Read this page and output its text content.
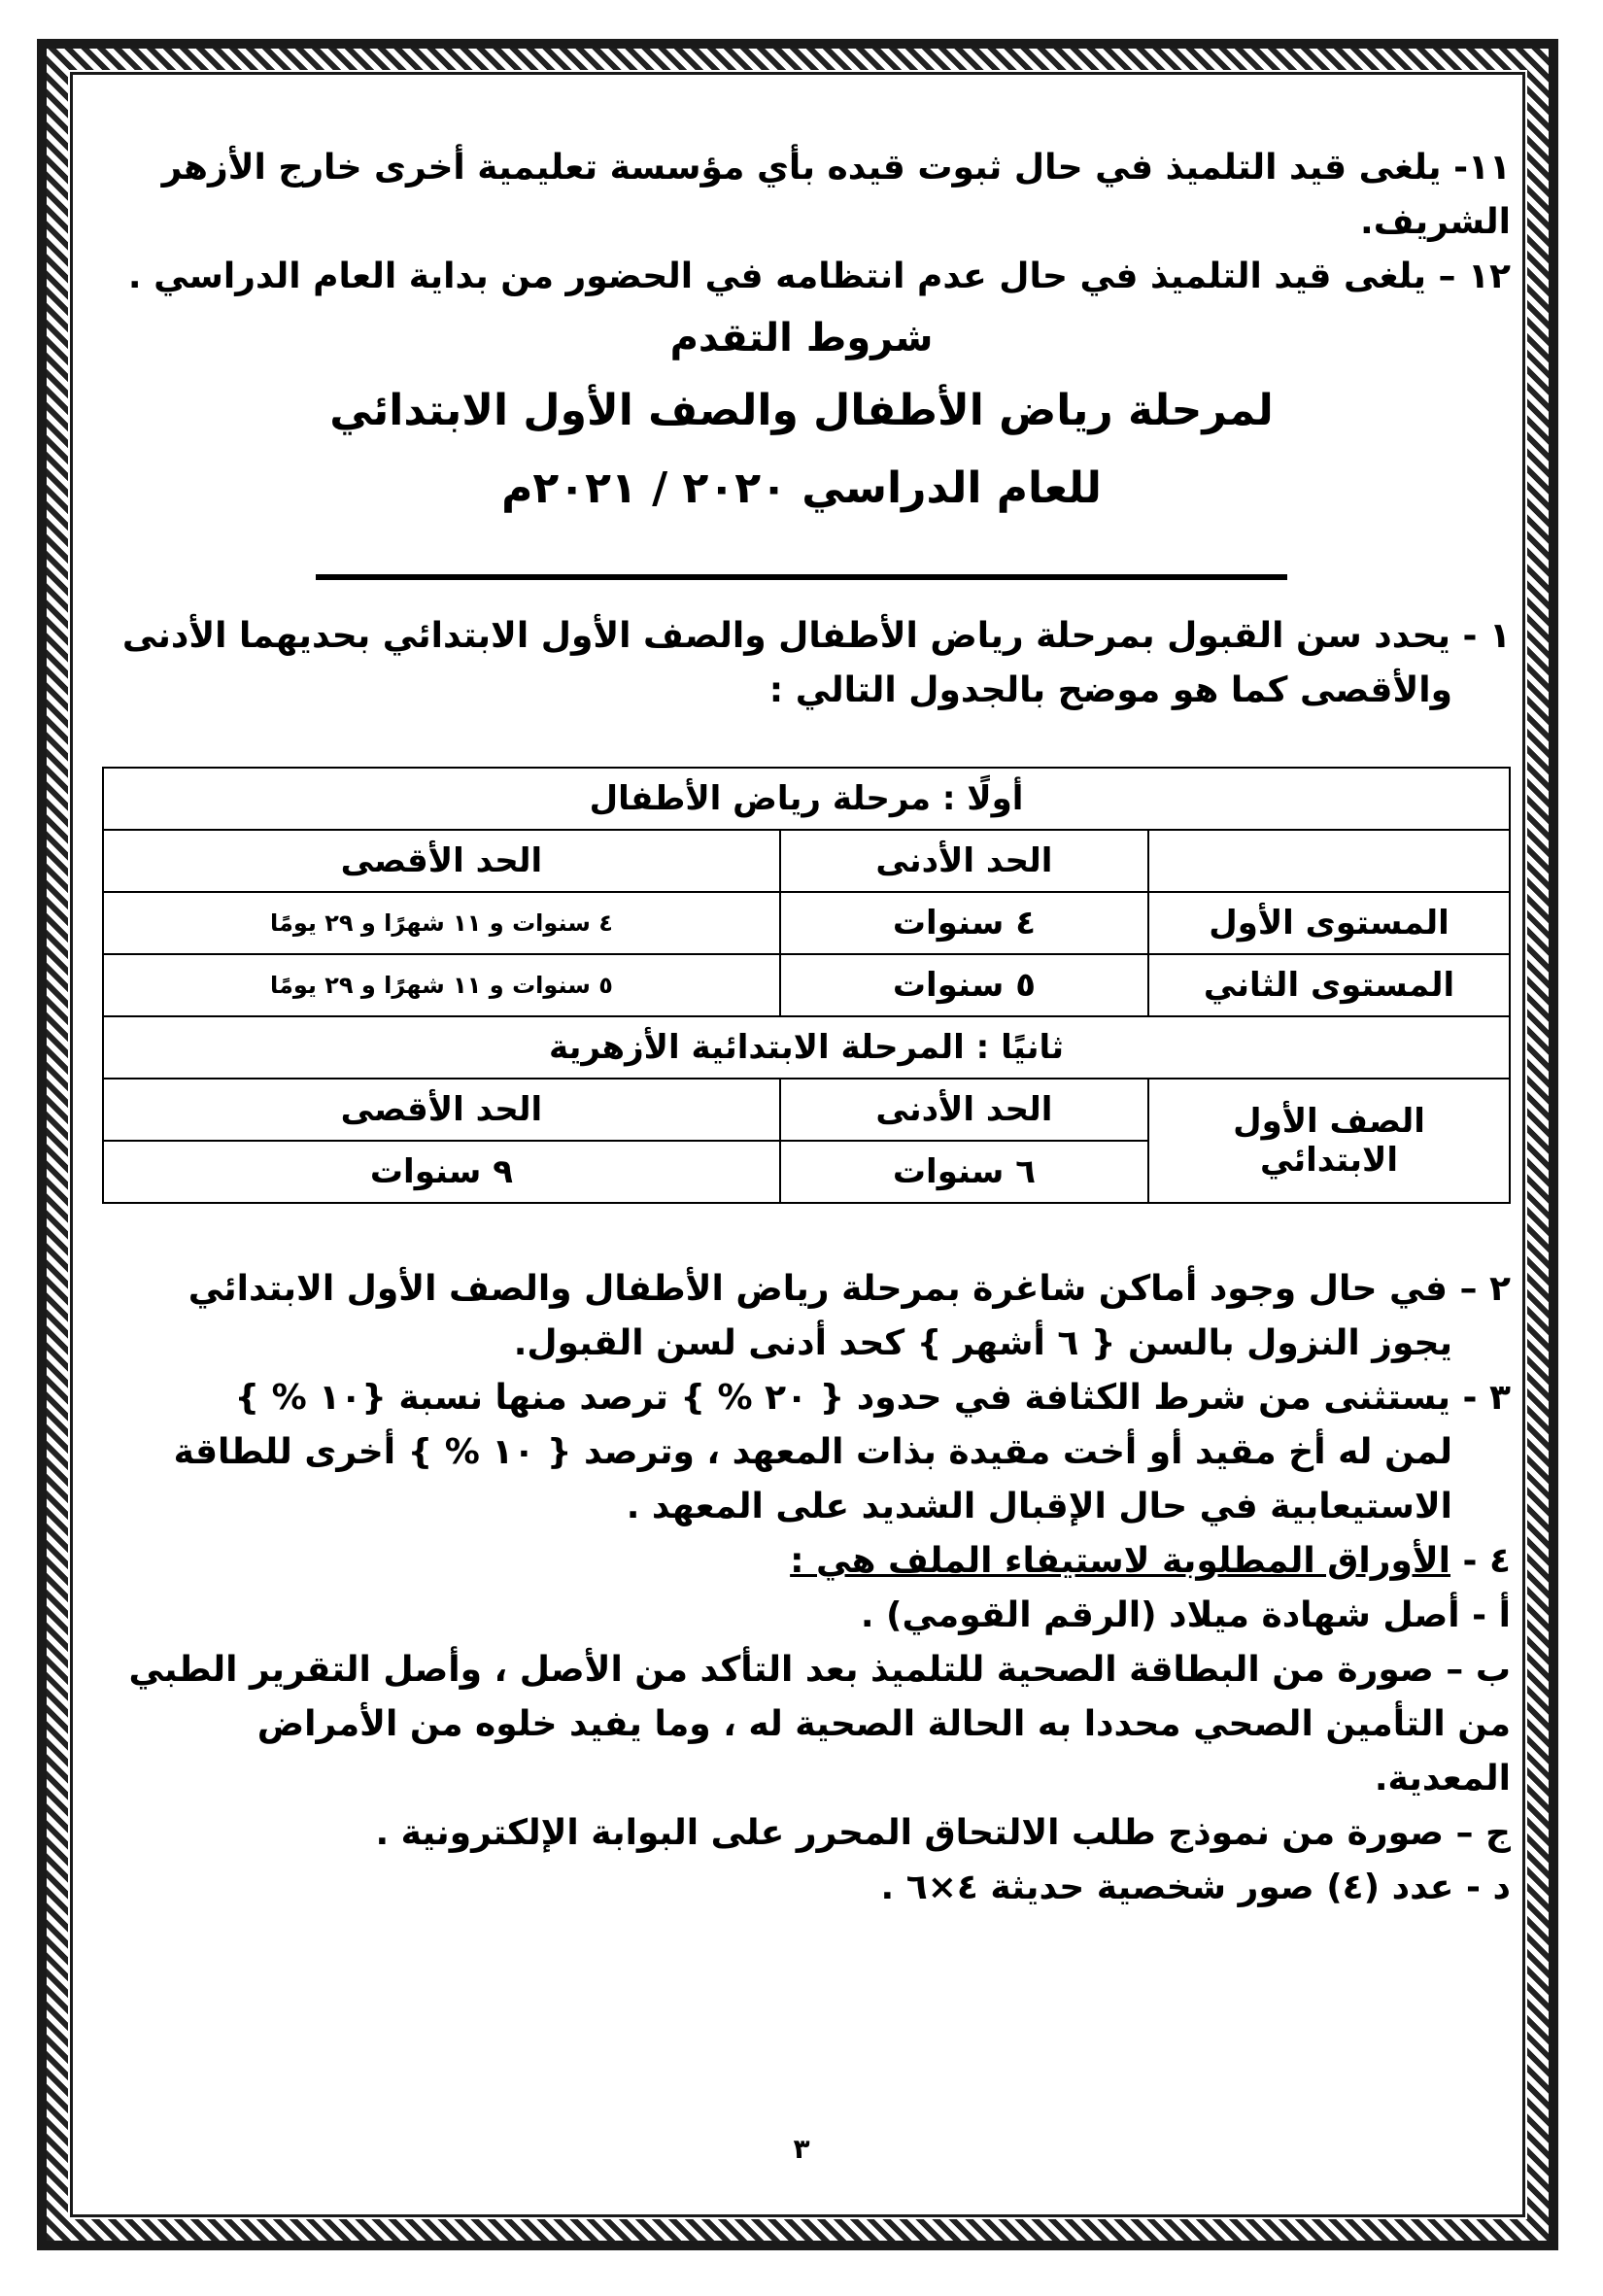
١١- يلغى قيد التلميذ في حال ثبوت قيده بأي مؤسسة تعليمية أخرى خارج الأزهر

الشريف.

١٢ – يلغى قيد التلميذ في حال عدم انتظامه في الحضور من بداية العام الدراسي .

شروط التقدم

لمرحلة رياض الأطفال والصف الأول الابتدائي

للعام الدراسي ٢٠٢٠ / ٢٠٢١م

١ - يحدد سن القبول بمرحلة رياض الأطفال والصف الأول الابتدائي بحديهما الأدنى

والأقصى كما هو موضح بالجدول التالي :

أولًا : مرحلة رياض الأطفال		
	الحد الأدنى	الحد الأقصى
المستوى الأول	٤ سنوات	٤ سنوات و ١١ شهرًا و ٢٩ يومًا
المستوى الثاني	٥ سنوات	٥ سنوات و ١١ شهرًا و ٢٩ يومًا
ثانيًا : المرحلة الابتدائية الأزهرية		

الصف الأول
الابتدائي	الحد الأدنى	الحد الأقصى
	٦ سنوات	٩ سنوات

٢ – في حال وجود أماكن شاغرة بمرحلة رياض الأطفال والصف الأول الابتدائي

يجوز النزول بالسن { ٦ أشهر } كحد أدنى لسن القبول.

٣ - يستثنى من شرط الكثافة في حدود { ٢٠ % } ترصد منها نسبة {١٠ % }

لمن له أخ مقيد أو أخت مقيدة بذات المعهد ، وترصد { ١٠ % } أخرى للطاقة

الاستيعابية في حال الإقبال الشديد على المعهد .

٤ - الأوراق المطلوبة لاستيفاء الملف هي :

أ - أصل شهادة ميلاد (الرقم القومي) .

ب – صورة من البطاقة الصحية للتلميذ بعد التأكد من الأصل ، وأصل التقرير الطبي

من التأمين الصحي محددا به الحالة الصحية له ، وما يفيد خلوه من الأمراض

المعدية.

ج – صورة من نموذج طلب الالتحاق المحرر على البوابة الإلكترونية .

د - عدد (٤) صور شخصية حديثة ٤×٦ .

٣
